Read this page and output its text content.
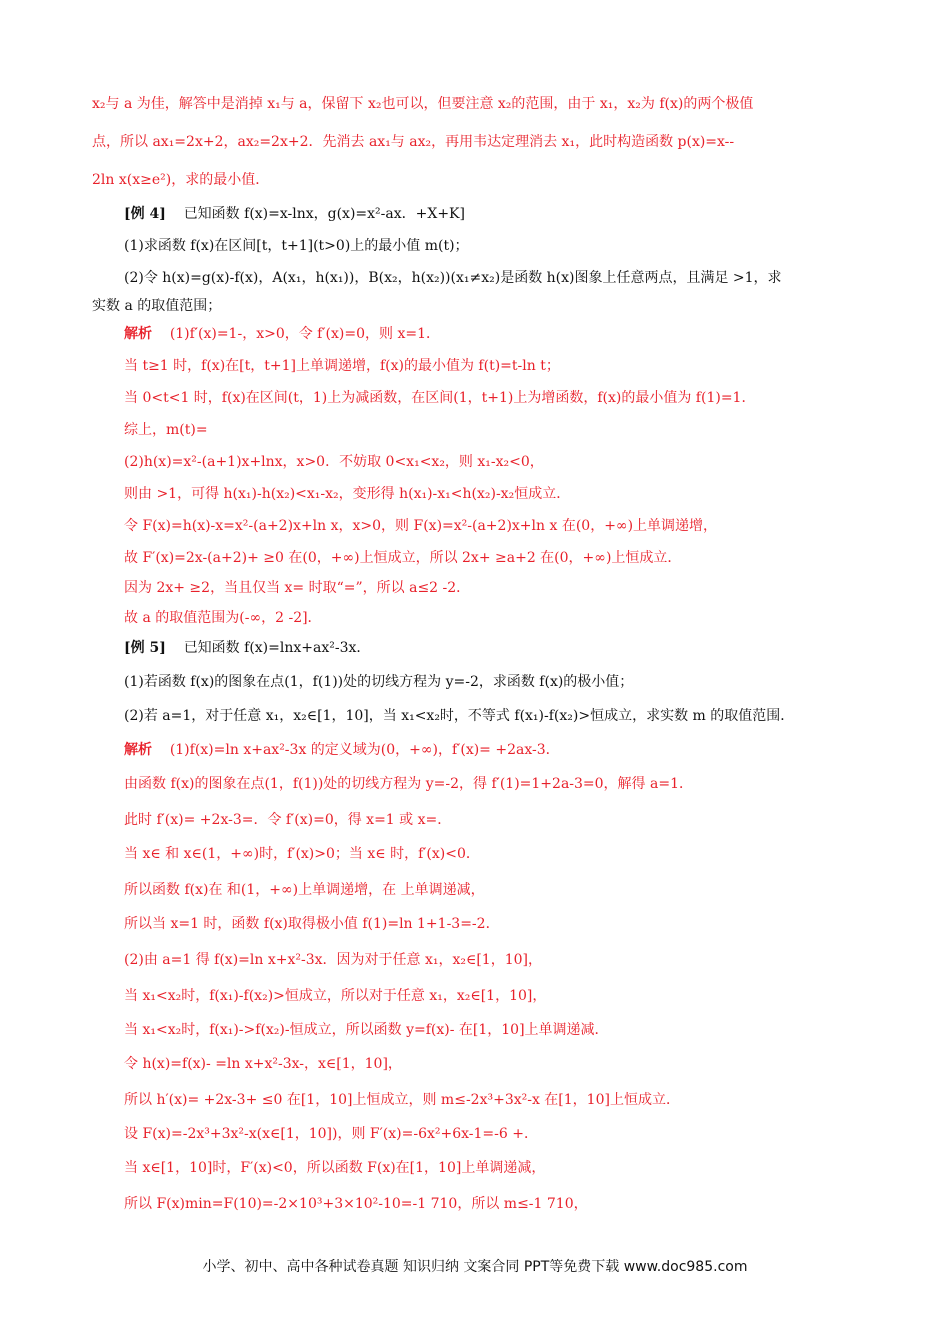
x₂与 a 为佳，解答中是消掉 x₁与 a，保留下 x₂也可以，但要注意 x₂的范围，由于 x₁，x₂为 f(x)的两个极值
点，所以 ax₁=2x+2，ax₂=2x+2．先消去 ax₁与 ax₂，再用韦达定理消去 x₁，此时构造函数 p(x)=x--
2ln x(x≥e²)，求的最小值．
[例 4] 已知函数 f(x)=x-lnx，g(x)=x²-ax．+X+K]
(1)求函数 f(x)在区间[t，t+1](t>0)上的最小值 m(t)；
(2)令 h(x)=g(x)-f(x)，A(x₁，h(x₁))，B(x₂，h(x₂))(x₁≠x₂)是函数 h(x)图象上任意两点，且满足 >1，求
实数 a 的取值范围；
解析 (1)f′(x)=1-，x>0，令 f′(x)=0，则 x=1．
当 t≥1 时，f(x)在[t，t+1]上单调递增，f(x)的最小值为 f(t)=t-ln t；
当 0<t<1 时，f(x)在区间(t，1)上为减函数，在区间(1，t+1)上为增函数，f(x)的最小值为 f(1)=1．
综上，m(t)=
(2)h(x)=x²-(a+1)x+lnx，x>0．不妨取 0<x₁<x₂，则 x₁-x₂<0，
则由 >1，可得 h(x₁)-h(x₂)<x₁-x₂，变形得 h(x₁)-x₁<h(x₂)-x₂恒成立．
令 F(x)=h(x)-x=x²-(a+2)x+ln x，x>0，则 F(x)=x²-(a+2)x+ln x 在(0，+∞)上单调递增，
故 F′(x)=2x-(a+2)+ ≥0 在(0，+∞)上恒成立，所以 2x+ ≥a+2 在(0，+∞)上恒成立．
因为 2x+ ≥2，当且仅当 x= 时取“=”，所以 a≤2 -2．
故 a 的取值范围为(-∞，2 -2]．
[例 5] 已知函数 f(x)=lnx+ax²-3x．
(1)若函数 f(x)的图象在点(1，f(1))处的切线方程为 y=-2，求函数 f(x)的极小值；
(2)若 a=1，对于任意 x₁，x₂∈[1，10]，当 x₁<x₂时，不等式 f(x₁)-f(x₂)>恒成立，求实数 m 的取值范围．
解析 (1)f(x)=ln x+ax²-3x 的定义域为(0，+∞)，f′(x)= +2ax-3．
由函数 f(x)的图象在点(1，f(1))处的切线方程为 y=-2，得 f′(1)=1+2a-3=0，解得 a=1．
此时 f′(x)= +2x-3=．令 f′(x)=0，得 x=1 或 x=．
当 x∈ 和 x∈(1，+∞)时，f′(x)>0；当 x∈ 时，f′(x)<0．
所以函数 f(x)在 和(1，+∞)上单调递增，在 上单调递减，
所以当 x=1 时，函数 f(x)取得极小值 f(1)=ln 1+1-3=-2．
(2)由 a=1 得 f(x)=ln x+x²-3x．因为对于任意 x₁，x₂∈[1，10]，
当 x₁<x₂时，f(x₁)-f(x₂)>恒成立，所以对于任意 x₁，x₂∈[1，10]，
当 x₁<x₂时，f(x₁)->f(x₂)-恒成立，所以函数 y=f(x)- 在[1，10]上单调递减．
令 h(x)=f(x)- =ln x+x²-3x-，x∈[1，10]，
所以 h′(x)= +2x-3+ ≤0 在[1，10]上恒成立，则 m≤-2x³+3x²-x 在[1，10]上恒成立．
设 F(x)=-2x³+3x²-x(x∈[1，10])，则 F′(x)=-6x²+6x-1=-6 +．
当 x∈[1，10]时，F′(x)<0，所以函数 F(x)在[1，10]上单调递减，
所以 F(x)min=F(10)=-2×10³+3×10²-10=-1 710，所以 m≤-1 710，
小学、初中、高中各种试卷真题 知识归纳 文案合同 PPT等免费下载 www.doc985.com
